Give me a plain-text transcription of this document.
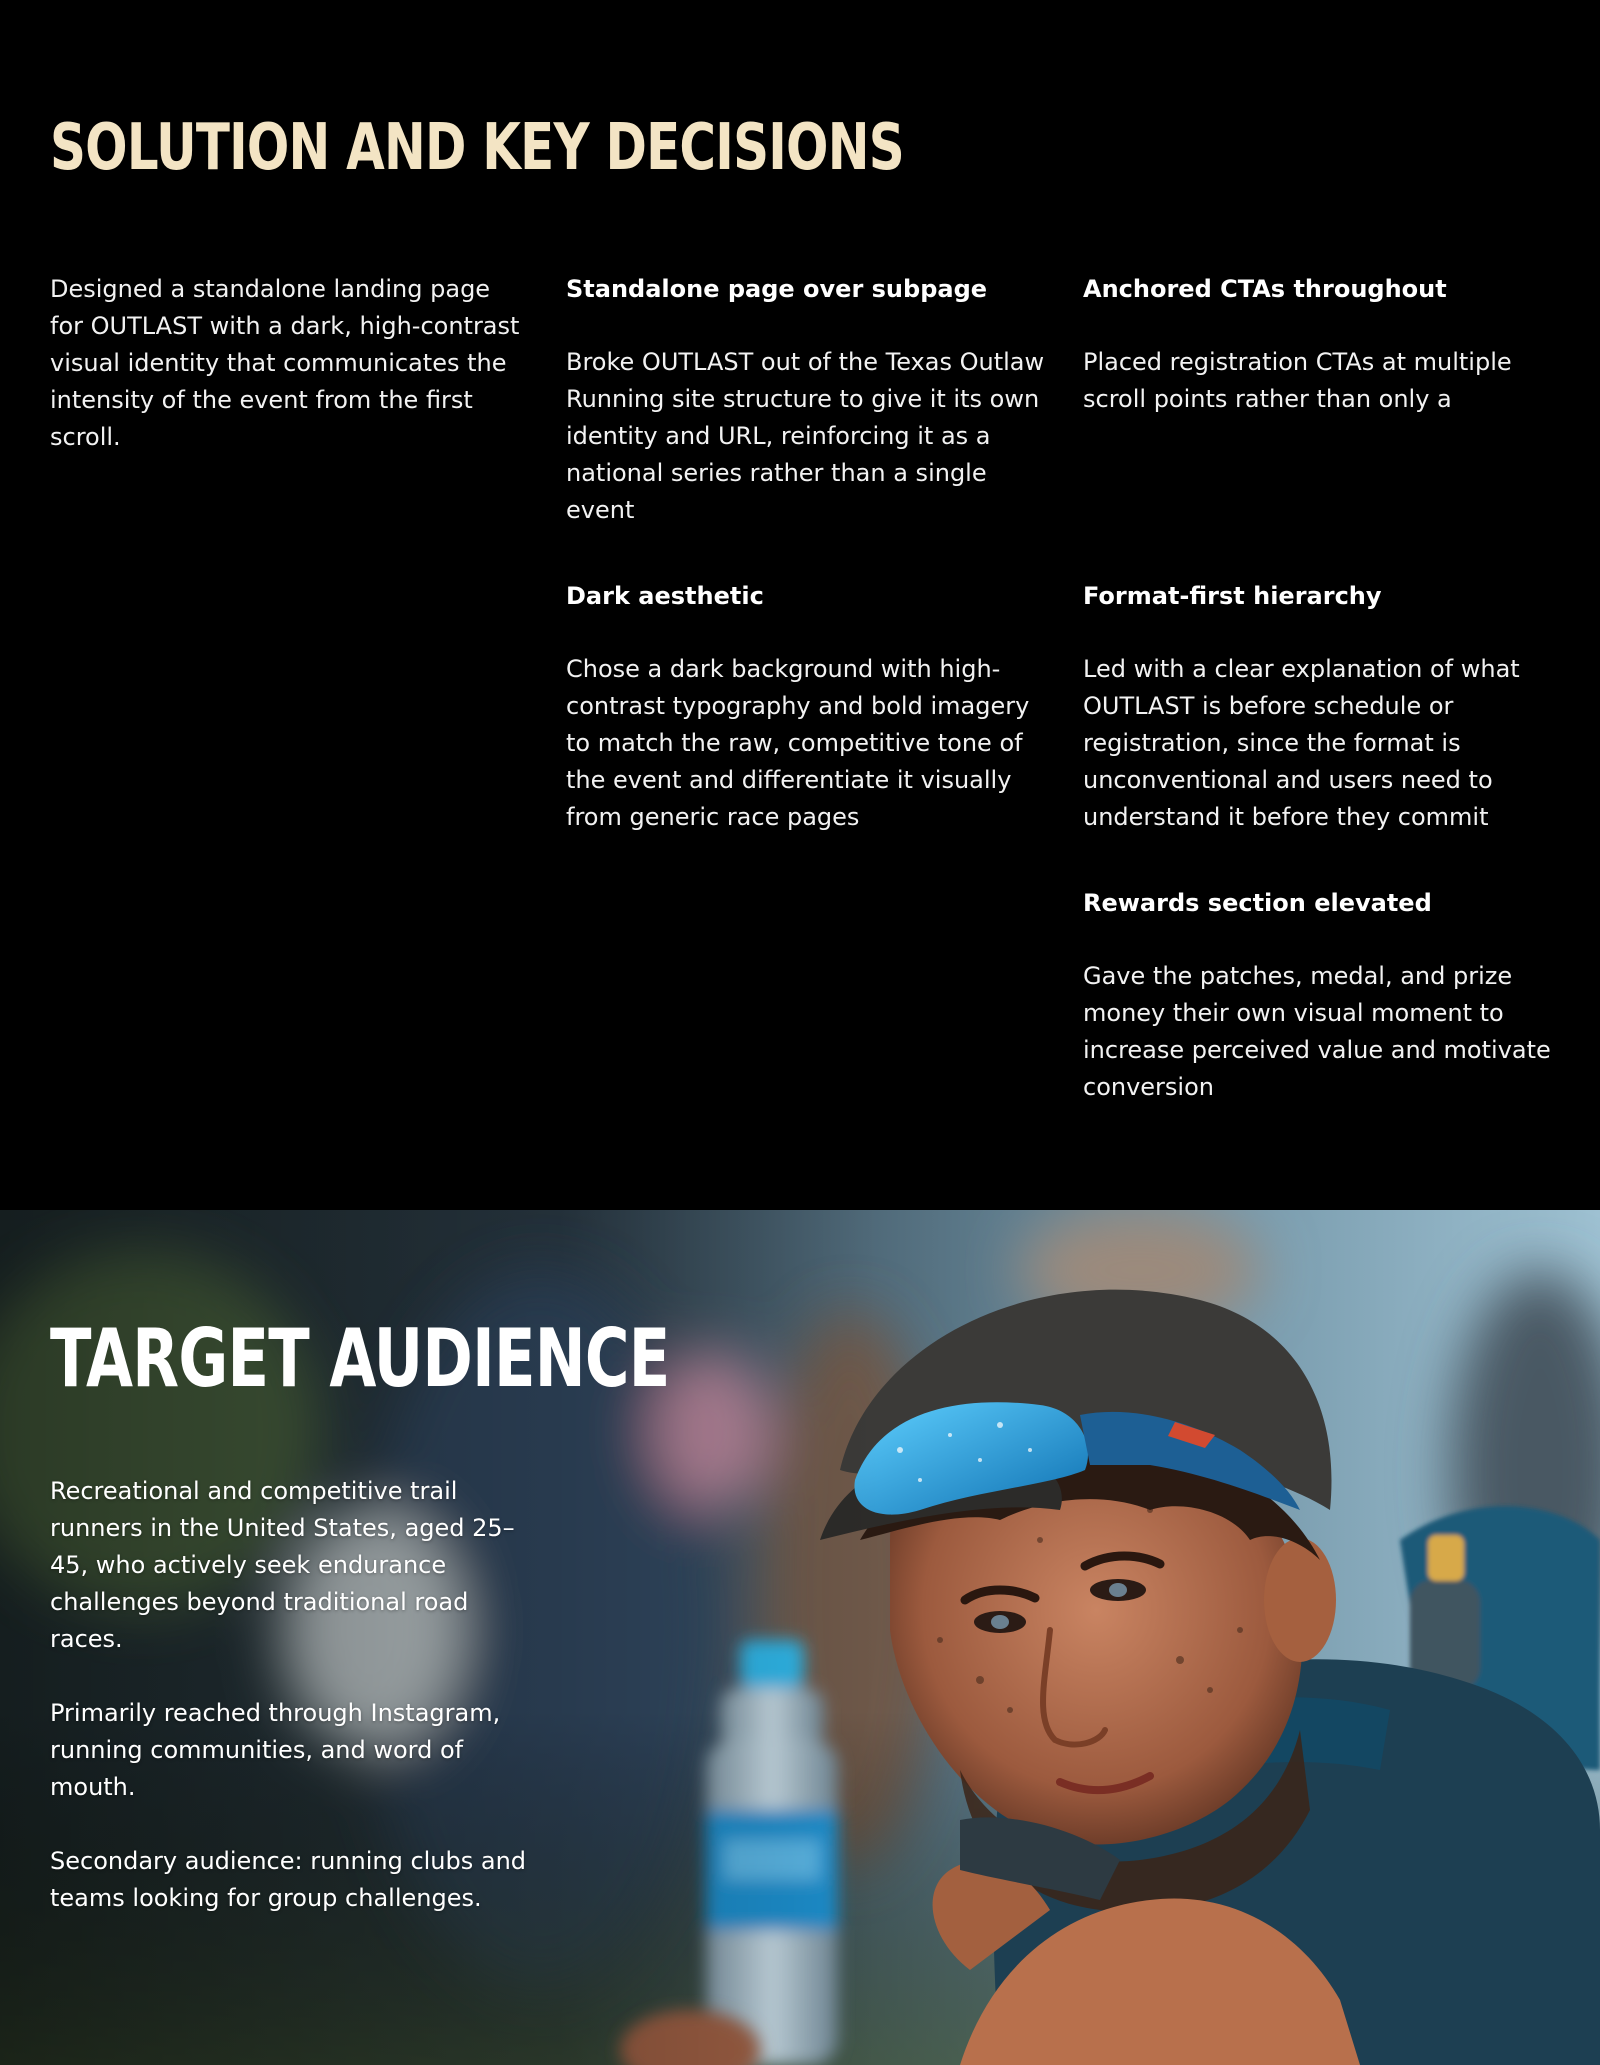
SOLUTION AND KEY DECISIONS

Designed a standalone landing page for OUTLAST with a dark, high-contrast visual identity that communicates the intensity of the event from the first scroll.

Standalone page over subpage

Broke OUTLAST out of the Texas Outlaw Running site structure to give it its own identity and URL, reinforcing it as a national series rather than a single event

Anchored CTAs throughout

Placed registration CTAs at multiple scroll points rather than only a

Dark aesthetic

Chose a dark background with high-contrast typography and bold imagery to match the raw, competitive tone of the event and differentiate it visually from generic race pages

Format-first hierarchy

Led with a clear explanation of what OUTLAST is before schedule or registration, since the format is unconventional and users need to understand it before they commit

Rewards section elevated

Gave the patches, medal, and prize money their own visual moment to increase perceived value and motivate conversion

TARGET AUDIENCE

Recreational and competitive trail runners in the United States, aged 25–45, who actively seek endurance challenges beyond traditional road races.

Primarily reached through Instagram, running communities, and word of mouth.

Secondary audience: running clubs and teams looking for group challenges.
